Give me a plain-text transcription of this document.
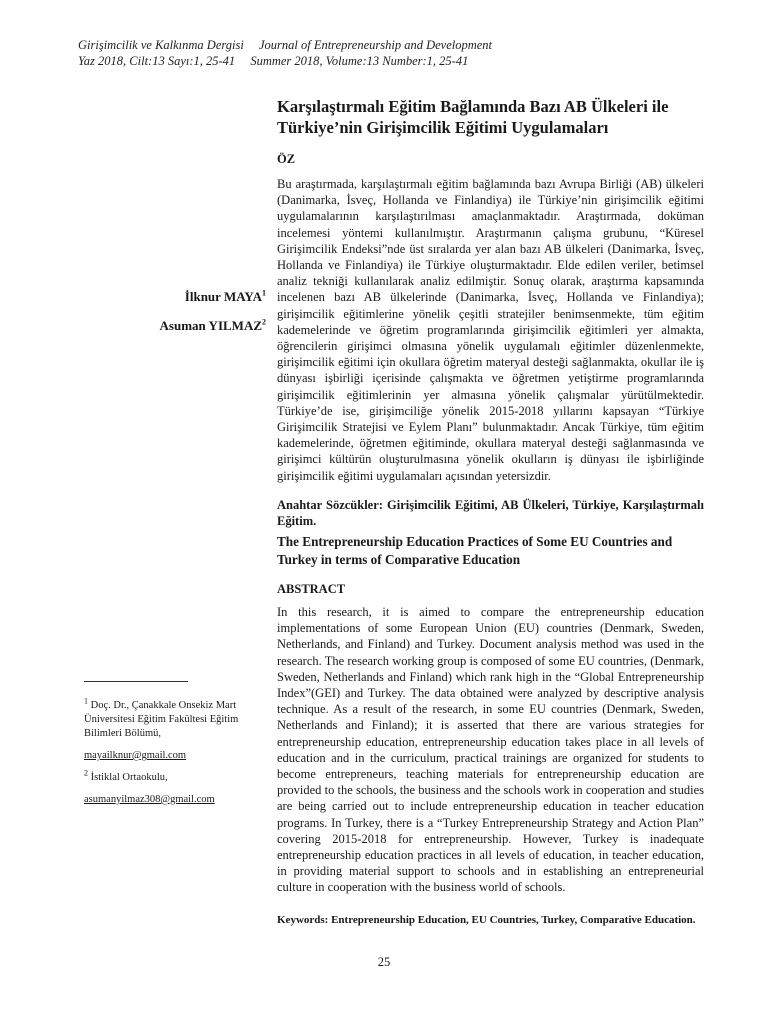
Girişimcilik ve Kalkınma Dergisi Journal of Entrepreneurship and Development
Yaz 2018, Cilt:13 Sayı:1, 25-41 Summer 2018, Volume:13 Number:1, 25-41
Karşılaştırmalı Eğitim Bağlamında Bazı AB Ülkeleri ile Türkiye’nin Girişimcilik Eğitimi Uygulamaları
ÖZ
Bu araştırmada, karşılaştırmalı eğitim bağlamında bazı Avrupa Birliği (AB) ülkeleri (Danimarka, İsveç, Hollanda ve Finlandiya) ile Türkiye’nin girişimcilik eğitimi uygulamalarının karşılaştırılması amaçlanmaktadır. Araştırmada, doküman incelemesi yöntemi kullanılmıştır. Araştırmanın çalışma grubunu, “Küresel Girişimcilik Endeksi”nde üst sıralarda yer alan bazı AB ülkeleri (Danimarka, İsveç, Hollanda ve Finlandiya) ile Türkiye oluşturmaktadır. Elde edilen veriler, betimsel analiz tekniği kullanılarak analiz edilmiştir. Sonuç olarak, araştırma kapsamında incelenen bazı AB ülkelerinde (Danimarka, İsveç, Hollanda ve Finlandiya); girişimcilik eğitimlerine yönelik çeşitli stratejiler benimsenmekte, tüm eğitim kademelerinde ve öğretim programlarında girişimcilik eğitimleri yer almakta, öğrencilerin girişimci olmasına yönelik uygulamalı eğitimler düzenlenmekte, girişimcilik eğitimi için okullara öğretim materyal desteği sağlanmakta, okullar ile iş dünyası işbirliği içerisinde çalışmakta ve öğretmen yetiştirme programlarında girişimcilik eğitimlerinin yer almasına yönelik çalışmalar yürütülmektedir. Türkiye’de ise, girişimciliğe yönelik 2015-2018 yıllarını kapsayan “Türkiye Girişimcilik Stratejisi ve Eylem Planı” bulunmaktadır. Ancak Türkiye, tüm eğitim kademelerinde, öğretmen eğitiminde, okullara materyal desteği sağlanmasında ve girişimci kültürün oluşturulmasına yönelik okulların iş dünyası ile işbirliğinde girişimcilik eğitimi uygulamaları açısından yetersizdir.
İlknur MAYA$^1$
Asuman YILMAZ$^2$
Anahtar Sözcükler: Girişimcilik Eğitimi, AB Ülkeleri, Türkiye, Karşılaştırmalı Eğitim.
The Entrepreneurship Education Practices of Some EU Countries and Turkey in terms of Comparative Education
ABSTRACT
In this research, it is aimed to compare the entrepreneurship education implementations of some European Union (EU) countries (Denmark, Sweden, Netherlands, and Finland) and Turkey. Document analysis method was used in the research. The research working group is composed of some EU countries, (Denmark, Sweden, Netherlands and Finland) which rank high in the “Global Entrepreneurship Index”(GEI) and Turkey. The data obtained were analyzed by descriptive analysis technique. As a result of the research, in some EU countries (Denmark, Sweden, Netherlands and Finland); it is asserted that there are various strategies for entrepreneurship education, entrepreneurship education takes place in all levels of education and in the curriculum, practical trainings are organized for students to become entrepreneurs, teaching materials for entrepreneurship education are provided to the schools, the business and the schools work in cooperation and studies are being carried out to include entrepreneurship education in teacher education programs. In Turkey, there is a “Turkey Entrepreneurship Strategy and Action Plan” covering 2015-2018 for entrepreneurship. However, Turkey is inadequate entrepreneurship education practices in all levels of education, in teacher education, in providing material support to schools and in establishing an entrepreneurial culture in cooperation with the business world of schools.
Keywords: Entrepreneurship Education, EU Countries, Turkey, Comparative Education.
$^1$ Doç. Dr., Çanakkale Onsekiz Mart Üniversitesi Eğitim Fakültesi Eğitim Bilimleri Bölümü,
mayailknur@gmail.com
$^2$ İstiklal Ortaokulu,
asumanyilmaz308@gmail.com
25
